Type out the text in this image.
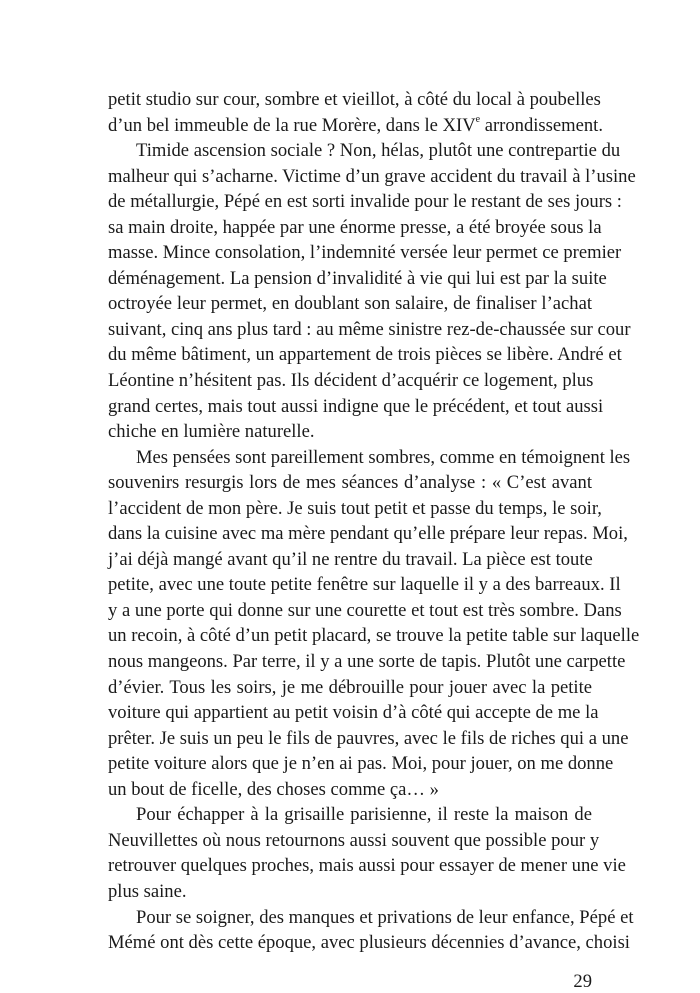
petit studio sur cour, sombre et vieillot, à côté du local à poubelles
d’un bel immeuble de la rue Morère, dans le XIVe arrondissement.
Timide ascension sociale ? Non, hélas, plutôt une contrepartie du
malheur qui s’acharne. Victime d’un grave accident du travail à l’usine
de métallurgie, Pépé en est sorti invalide pour le restant de ses jours :
sa main droite, happée par une énorme presse, a été broyée sous la
masse. Mince consolation, l’indemnité versée leur permet ce premier
déménagement. La pension d’invalidité à vie qui lui est par la suite
octroyée leur permet, en doublant son salaire, de finaliser l’achat
suivant, cinq ans plus tard : au même sinistre rez-de-chaussée sur cour
du même bâtiment, un appartement de trois pièces se libère. André et
Léontine n’hésitent pas. Ils décident d’acquérir ce logement, plus
grand certes, mais tout aussi indigne que le précédent, et tout aussi
chiche en lumière naturelle.
Mes pensées sont pareillement sombres, comme en témoignent les
souvenirs resurgis lors de mes séances d’analyse : « C’est avant
l’accident de mon père. Je suis tout petit et passe du temps, le soir,
dans la cuisine avec ma mère pendant qu’elle prépare leur repas. Moi,
j’ai déjà mangé avant qu’il ne rentre du travail. La pièce est toute
petite, avec une toute petite fenêtre sur laquelle il y a des barreaux. Il
y a une porte qui donne sur une courette et tout est très sombre. Dans
un recoin, à côté d’un petit placard, se trouve la petite table sur laquelle
nous mangeons. Par terre, il y a une sorte de tapis. Plutôt une carpette
d’évier. Tous les soirs, je me débrouille pour jouer avec la petite
voiture qui appartient au petit voisin d’à côté qui accepte de me la
prêter. Je suis un peu le fils de pauvres, avec le fils de riches qui a une
petite voiture alors que je n’en ai pas. Moi, pour jouer, on me donne
un bout de ficelle, des choses comme ça… »
Pour échapper à la grisaille parisienne, il reste la maison de
Neuvillettes où nous retournons aussi souvent que possible pour y
retrouver quelques proches, mais aussi pour essayer de mener une vie
plus saine.
Pour se soigner, des manques et privations de leur enfance, Pépé et
Mémé ont dès cette époque, avec plusieurs décennies d’avance, choisi
29
